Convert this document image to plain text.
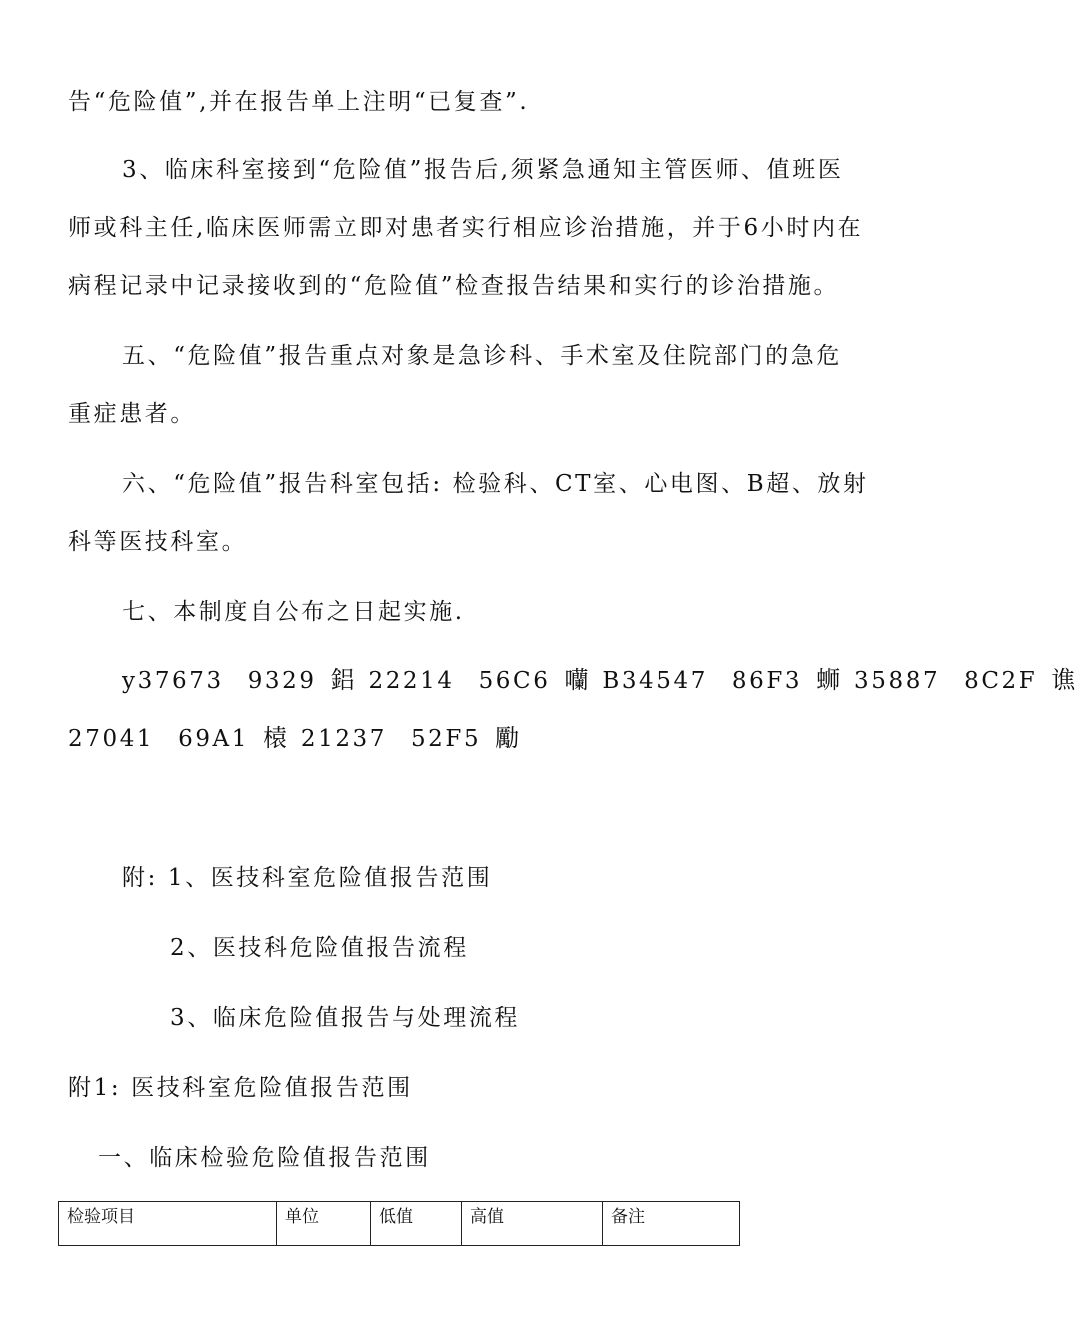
告“危险值”,并在报告单上注明“已复查”.
3、临床科室接到“危险值”报告后,须紧急通知主管医师、值班医
师或科主任,临床医师需立即对患者实行相应诊治措施，并于6小时内在
病程记录中记录接收到的“危险值”检查报告结果和实行的诊治措施。
五、“危险值”报告重点对象是急诊科、手术室及住院部门的急危
重症患者。
六、“危险值”报告科室包括: 检验科、CT室、心电图、B超、放射
科等医技科室。
七、本制度自公布之日起实施.
y37673 9329 鋁 22214 56C6 囒 B34547 86F3 蛳 35887 8C2F 谯
27041 69A1 榬 21237 52F5 勵
附: 1、医技科室危险值报告范围
2、医技科危险值报告流程
3、临床危险值报告与处理流程
附1: 医技科室危险值报告范围
一、临床检验危险值报告范围
检验项目	单位	低值	高值	备注
